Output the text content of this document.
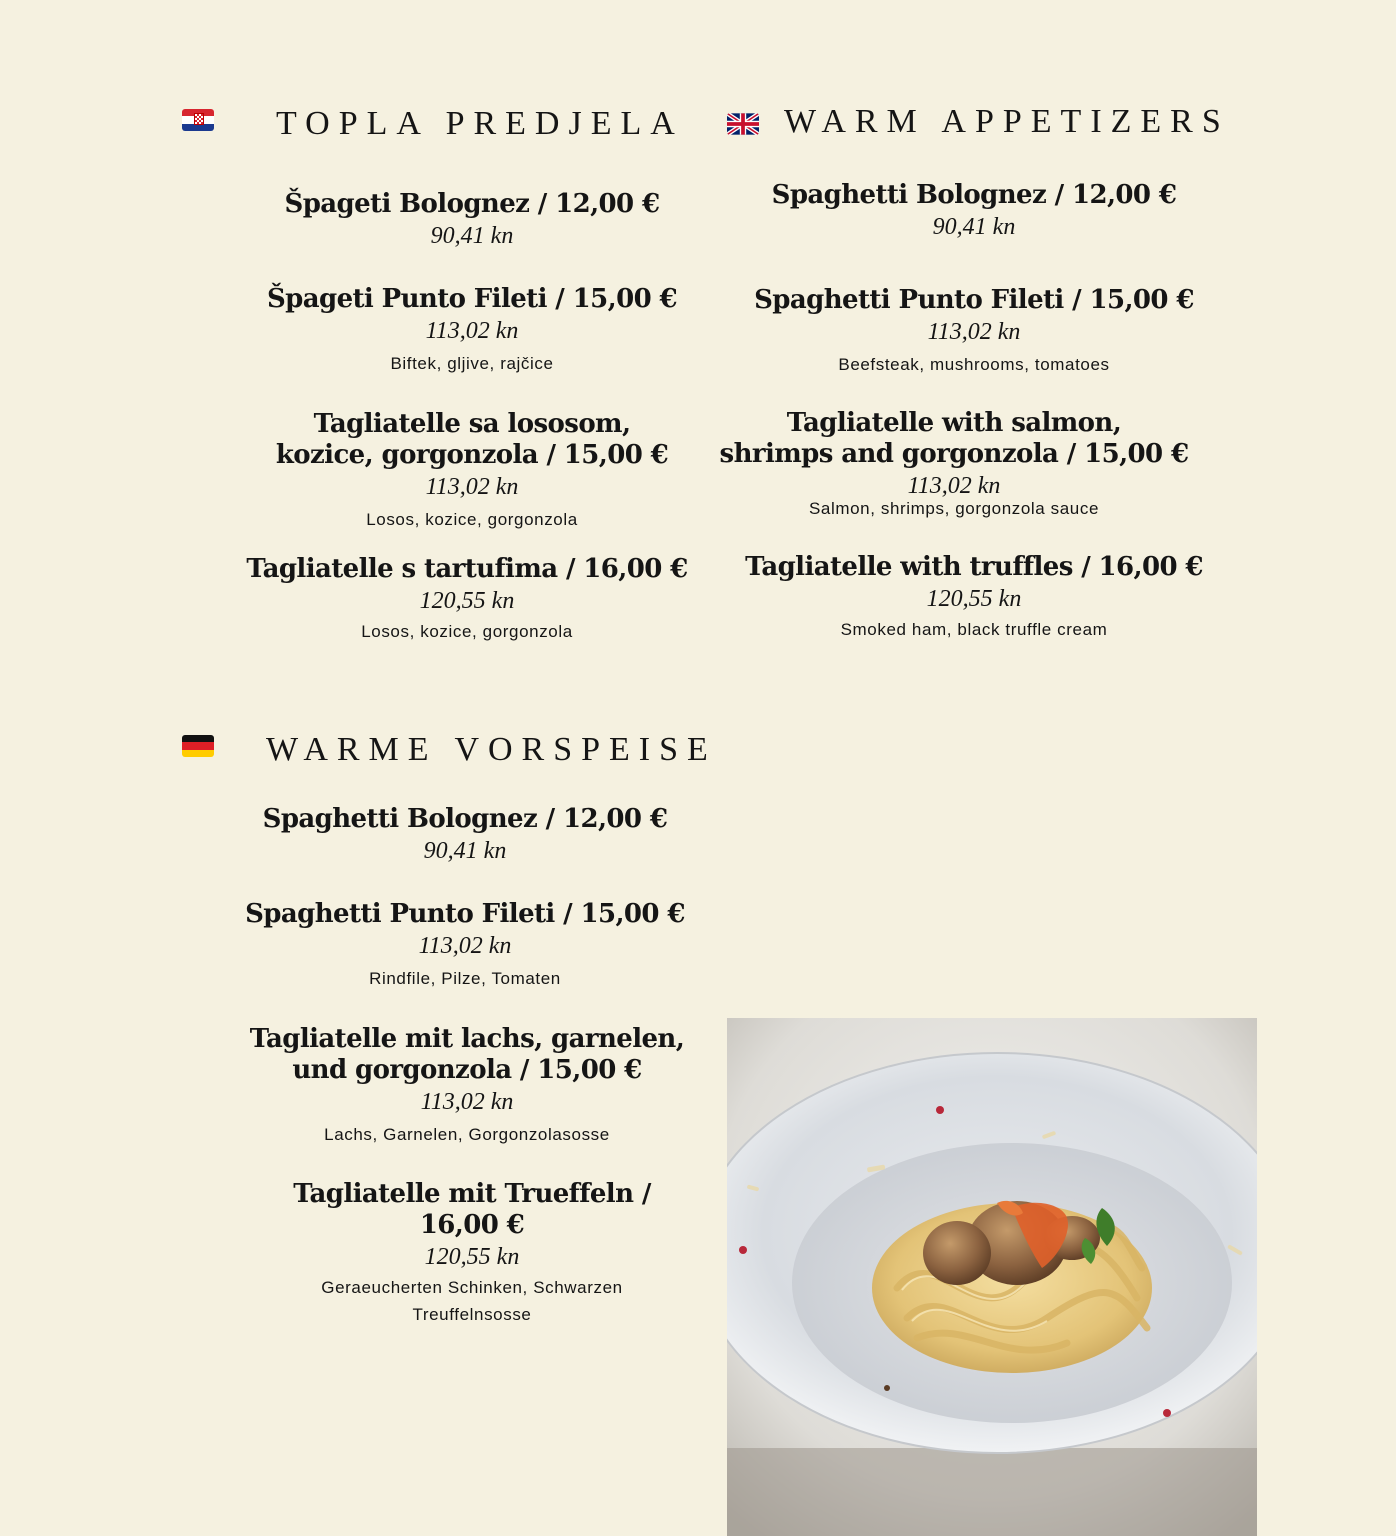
TOPLA PREDJELA	WARM APPETIZERS
WARME VORSPEISE
Špageti Bolognez / 12,00 €
90,41 kn
Špageti Punto Fileti / 15,00 €
113,02 kn
Biftek, gljive, rajčice
Tagliatelle sa lososom,
kozice, gorgonzola / 15,00 €
113,02 kn
Losos, kozice, gorgonzola
Tagliatelle s tartufima / 16,00 €
120,55 kn
Losos, kozice, gorgonzola
Spaghetti Bolognez / 12,00 €
90,41 kn
Spaghetti Punto Fileti / 15,00 €
113,02 kn
Beefsteak, mushrooms, tomatoes
Tagliatelle with salmon,
shrimps and gorgonzola / 15,00 €
113,02 kn
Salmon, shrimps, gorgonzola sauce
Tagliatelle with truffles / 16,00 €
120,55 kn
Smoked ham, black truffle cream
Spaghetti Bolognez / 12,00 €
90,41 kn
Spaghetti Punto Fileti / 15,00 €
113,02 kn
Rindfile, Pilze, Tomaten
Tagliatelle mit lachs, garnelen,
und gorgonzola / 15,00 €
113,02 kn
Lachs, Garnelen, Gorgonzolasosse
Tagliatelle mit Trueffeln /
16,00 €
120,55 kn
Geraeucherten Schinken, Schwarzen
Treuffelnsosse
